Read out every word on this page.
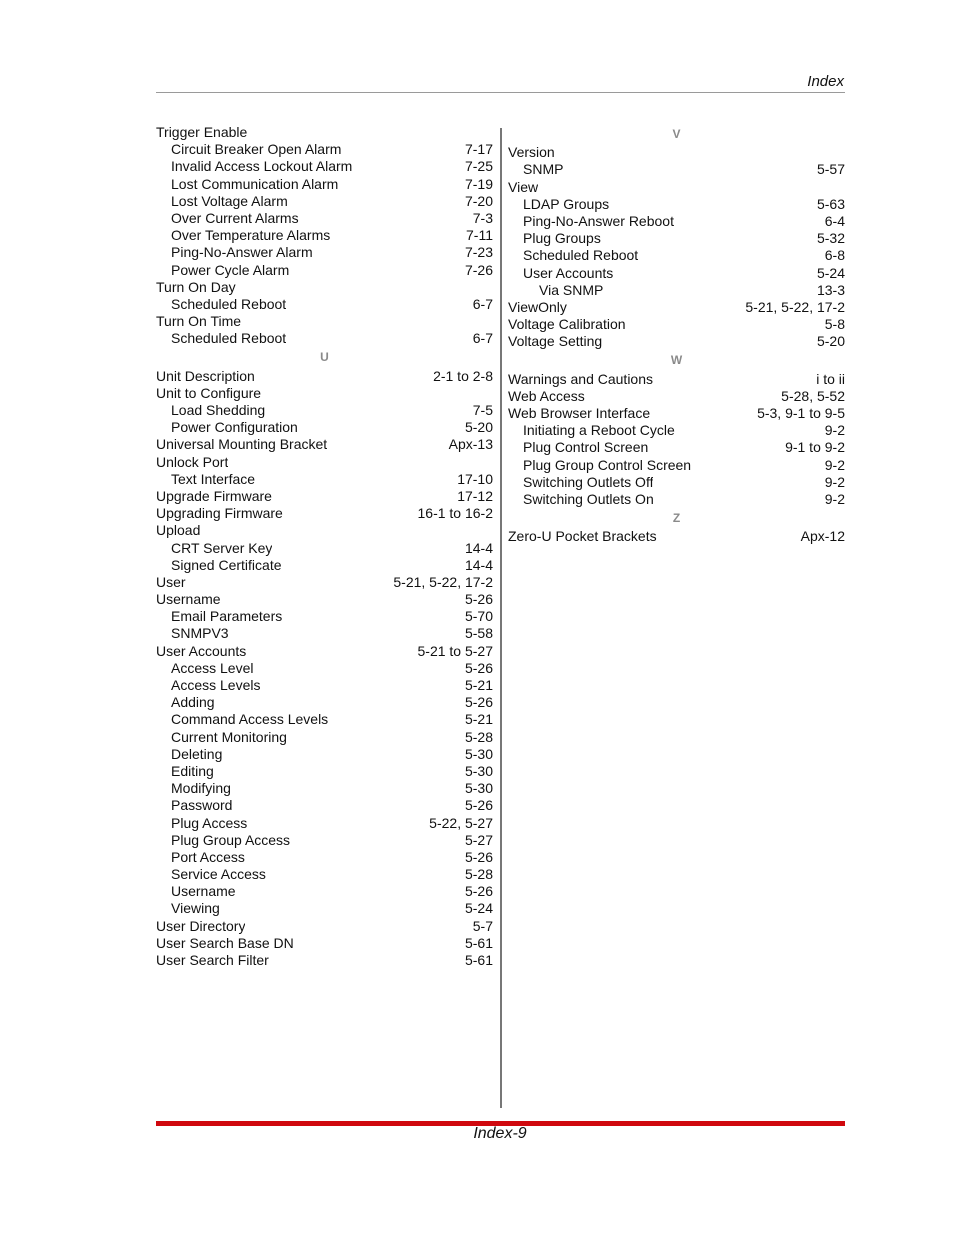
Index
Trigger Enable
Circuit Breaker Open Alarm	7-17
Invalid Access Lockout Alarm	7-25
Lost Communication Alarm	7-19
Lost Voltage Alarm	7-20
Over Current Alarms	7-3
Over Temperature Alarms	7-11
Ping-No-Answer Alarm	7-23
Power Cycle Alarm	7-26
Turn On Day
Scheduled Reboot	6-7
Turn On Time
Scheduled Reboot	6-7
U
Unit Description	2-1 to 2-8
Unit to Configure
Load Shedding	7-5
Power Configuration	5-20
Universal Mounting Bracket	Apx-13
Unlock Port
Text Interface	17-10
Upgrade Firmware	17-12
Upgrading Firmware	16-1 to 16-2
Upload
CRT Server Key	14-4
Signed Certificate	14-4
User	5-21, 5-22, 17-2
Username	5-26
Email Parameters	5-70
SNMPV3	5-58
User Accounts	5-21 to 5-27
Access Level	5-26
Access Levels	5-21
Adding	5-26
Command Access Levels	5-21
Current Monitoring	5-28
Deleting	5-30
Editing	5-30
Modifying	5-30
Password	5-26
Plug Access	5-22, 5-27
Plug Group Access	5-27
Port Access	5-26
Service Access	5-28
Username	5-26
Viewing	5-24
User Directory	5-7
User Search Base DN	5-61
User Search Filter	5-61
V
Version
SNMP	5-57
View
LDAP Groups	5-63
Ping-No-Answer Reboot	6-4
Plug Groups	5-32
Scheduled Reboot	6-8
User Accounts	5-24
Via SNMP	13-3
ViewOnly	5-21, 5-22, 17-2
Voltage Calibration	5-8
Voltage Setting	5-20
W
Warnings and Cautions	i to ii
Web Access	5-28, 5-52
Web Browser Interface	5-3, 9-1 to 9-5
Initiating a Reboot Cycle	9-2
Plug Control Screen	9-1 to 9-2
Plug Group Control Screen	9-2
Switching Outlets Off	9-2
Switching Outlets On	9-2
Z
Zero-U Pocket Brackets	Apx-12
Index-9
